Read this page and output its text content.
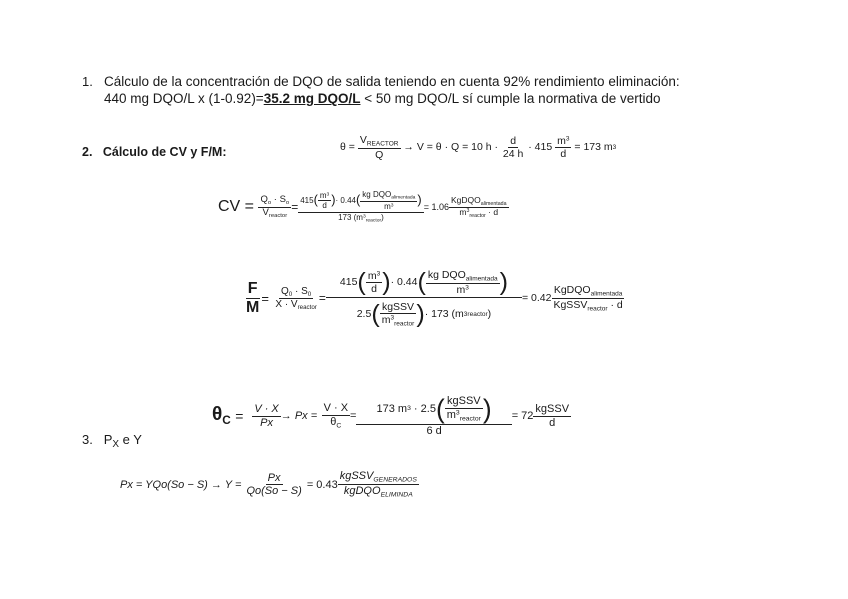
1. Cálculo de la concentración de DQO de salida teniendo en cuenta 92% rendimiento eliminación:
440 mg DQO/L x (1-0.92)=35.2 mg DQO/L < 50 mg DQO/L sí cumple la normativa de vertido
2. Cálculo de CV y F/M:	θ =
$\frac{V_{REACTOR}}{Q}$
→ V = θ · Q = 10 h ·
$\frac{d}{24 h}$
· 415
$\frac{m^3}{d}$
= 173 m 3
CV =
$\frac{Q_o \cdot S_o}{V_{reactor}} = 415$ ( $\frac{m^3}{d}$ ) · 0.44 ( $\frac{kg DQO_{alimentada}}{m^3}$ )
173 $(m^3_{reactor})$
= $1.06 \frac{KgDQO_{alimentada}}{m^3_{reactor} \cdot d}$
$\frac{F}{M}$ =
$\frac{Q_0 \cdot S_0}{X \cdot V_{reactor}}$ =
415 ( $\frac{m^3}{d}$ ) · 0.44 ( $\frac{kg DQO_{alimentada}}{m^3}$ )
2.5 ( $\frac{\text{kgSSV}}{m^3_{reactor}}$ ) · 173 (m 3 reactor )
= $0.42 \frac{KgDQO_{alimentada}}{KgSSV_{reactor} \cdot d}$
3. $P_X$ e Y
$\theta_C$
=
$\frac{V \cdot X}{Px} \to Px$ =
$\frac{V \cdot X}{\theta_C} = 173$ m 3
· 2.5 ( $\frac{\text{kgSSV}}{m^3_{reactor}}$ )
6 $d = 72 \frac{\text{kgSSV}}{d}$
Px = YQo(So − S) → Y =
$\frac{Px}{Qo(So - S)}$
= $0.43 \frac{kgSSV_{GENERADOS}}{kgDQO_{ELIMINDA}}$
